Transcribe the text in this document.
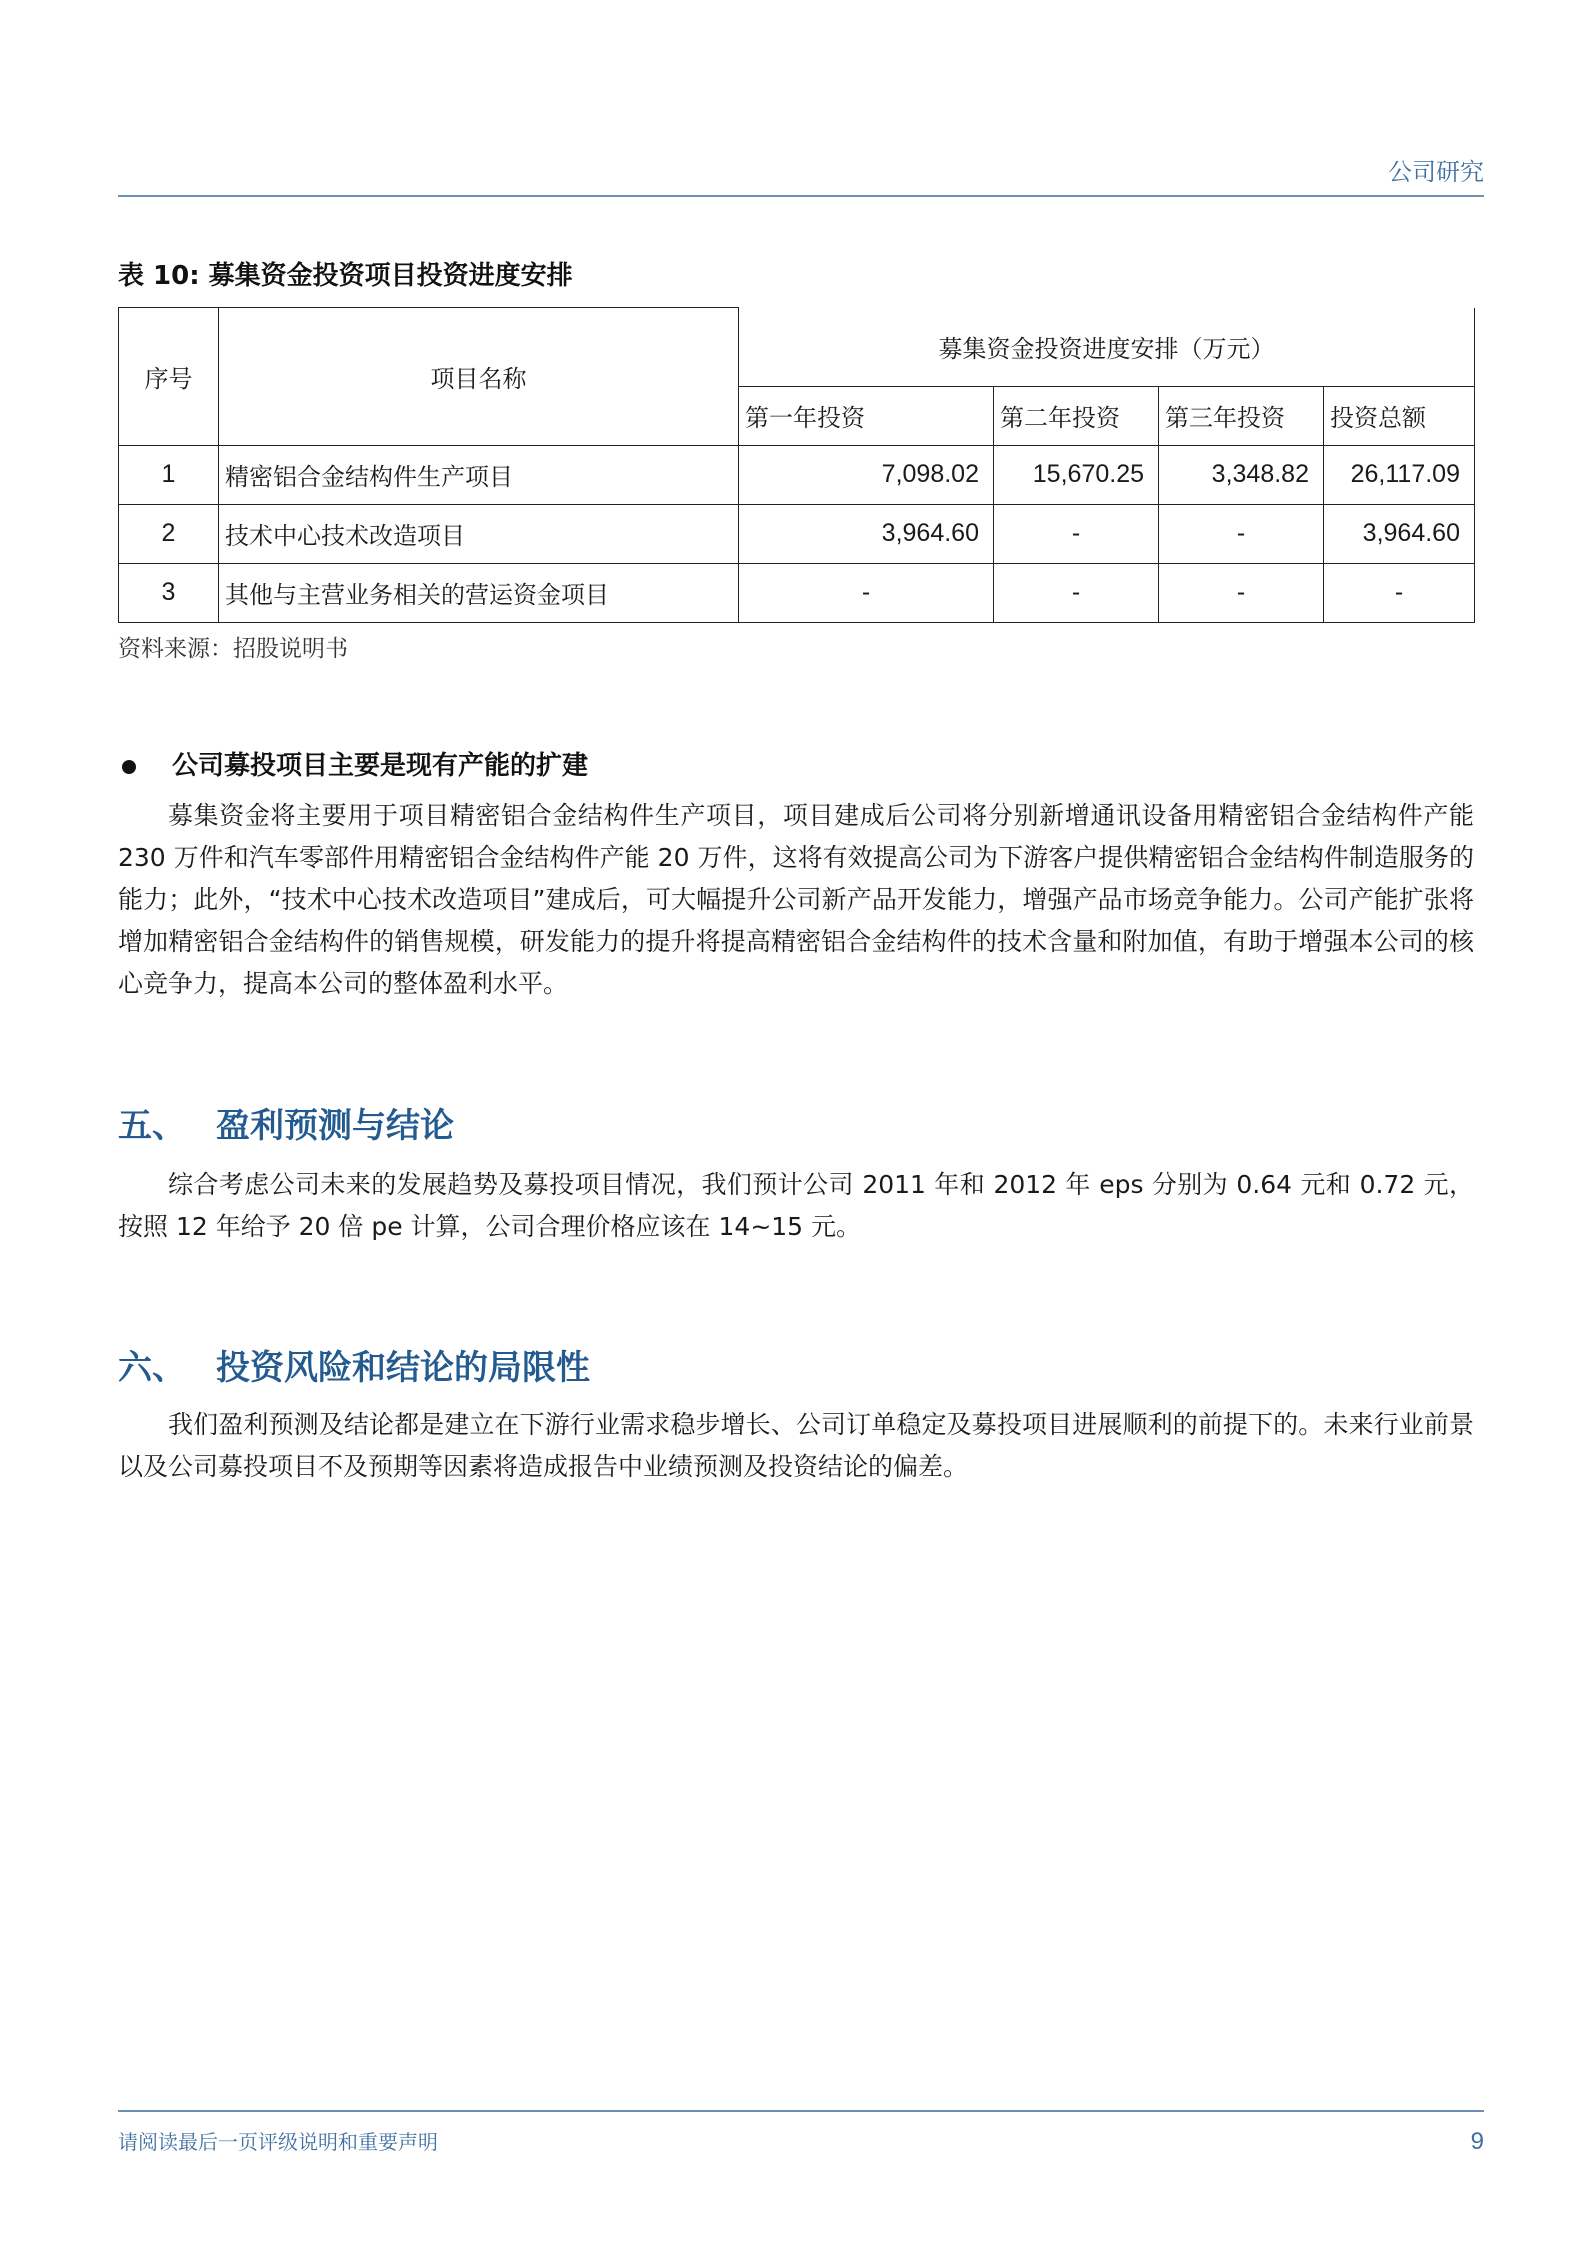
公司研究
表 10: 募集资金投资项目投资进度安排
序号	项目名称	募集资金投资进度安排（万元）			
		第一年投资	第二年投资	第三年投资	投资总额
1	精密铝合金结构件生产项目	7,098.02	15,670.25	3,348.82	26,117.09
2	技术中心技术改造项目	3,964.60	-	-	3,964.60
3	其他与主营业务相关的营运资金项目	-	-	-	-
资料来源：招股说明书
公司募投项目主要是现有产能的扩建
募集资金将主要用于项目精密铝合金结构件生产项目，项目建成后公司将分别新增通讯设备用精密铝合金结构件产能 230 万件和汽车零部件用精密铝合金结构件产能 20 万件，这将有效提高公司为下游客户提供精密铝合金结构件制造服务的能力；此外，“技术中心技术改造项目”建成后，可大幅提升公司新产品开发能力，增强产品市场竞争能力。公司产能扩张将增加精密铝合金结构件的销售规模，研发能力的提升将提高精密铝合金结构件的技术含量和附加值，有助于增强本公司的核心竞争力，提高本公司的整体盈利水平。
五、 盈利预测与结论
综合考虑公司未来的发展趋势及募投项目情况，我们预计公司 2011 年和 2012 年 eps 分别为 0.64 元和 0.72 元，按照 12 年给予 20 倍 pe 计算，公司合理价格应该在 14~15 元。
六、 投资风险和结论的局限性
我们盈利预测及结论都是建立在下游行业需求稳步增长、公司订单稳定及募投项目进展顺利的前提下的。未来行业前景以及公司募投项目不及预期等因素将造成报告中业绩预测及投资结论的偏差。
请阅读最后一页评级说明和重要声明	9
